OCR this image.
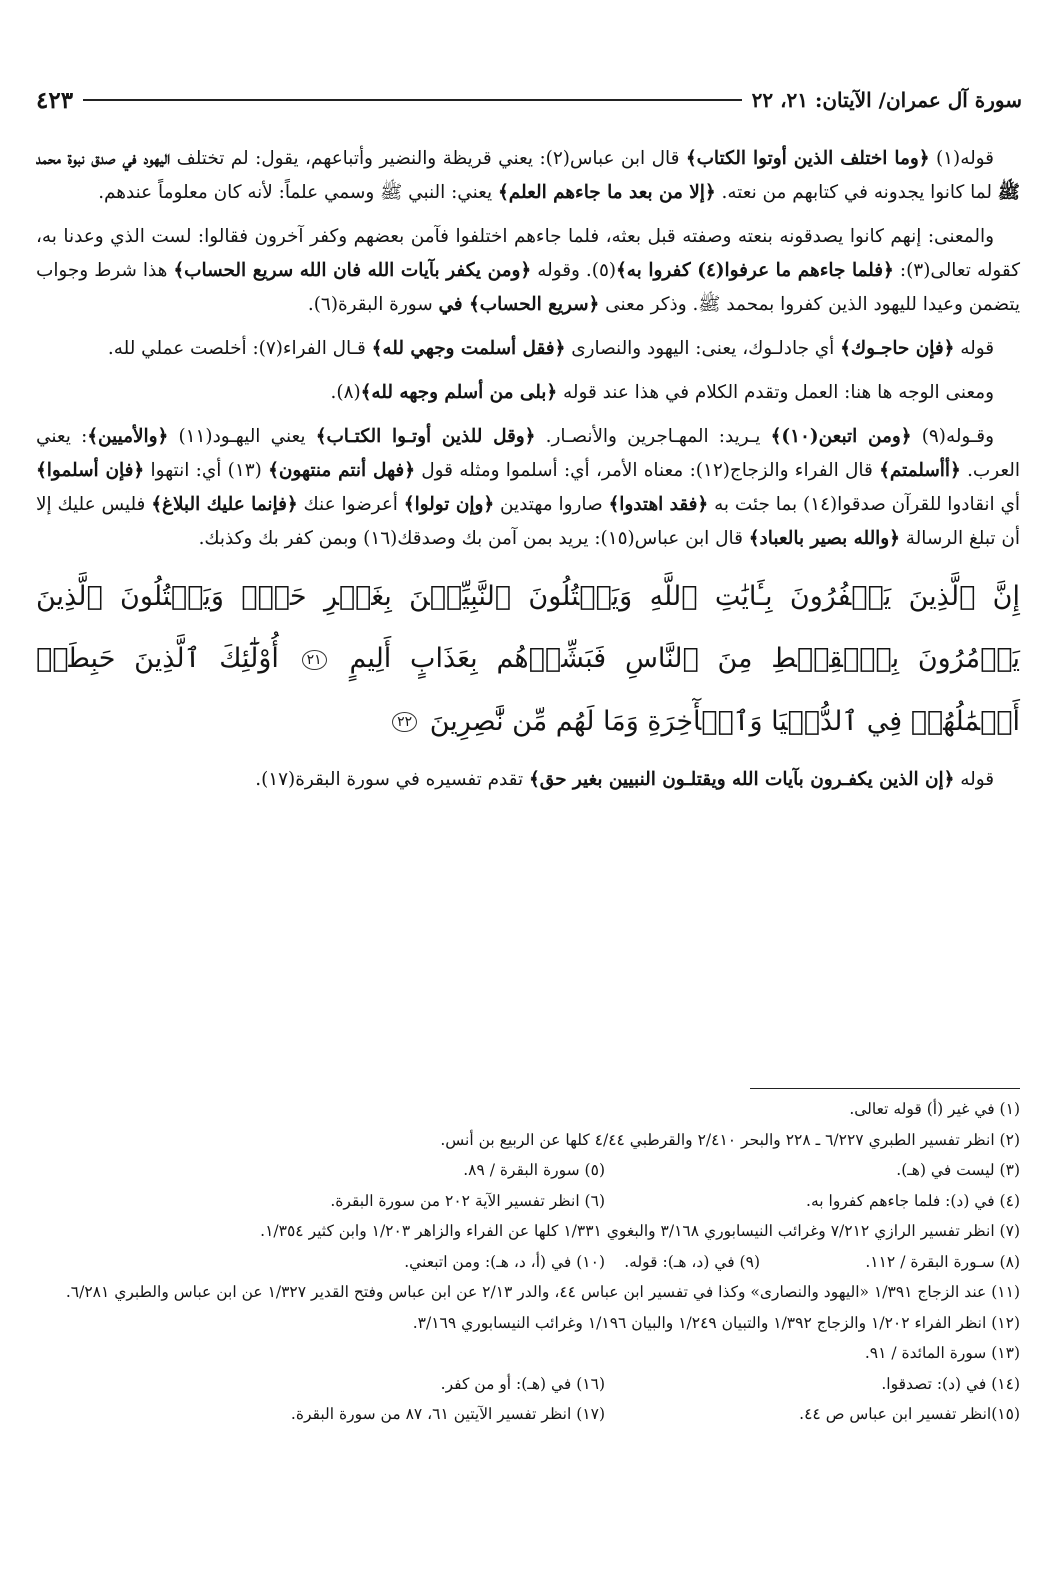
سورة آل عمران/ الآيتان: ٢١، ٢٢
٤٢٣

قوله(١) ﴿وما اختلف الذين أوتوا الكتاب﴾ قال ابن عباس(٢): يعني قريظة والنضير وأتباعهم، يقول: لم تختلف اليهود في صدق نبوة محمد ﷺ لما كانوا يجدونه في كتابهم من نعته. ﴿إلا من بعد ما جاءهم العلم﴾ يعني: النبي ﷺ وسمي علماً: لأنه كان معلوماً عندهم.

والمعنى: إنهم كانوا يصدقونه بنعته وصفته قبل بعثه، فلما جاءهم اختلفوا فآمن بعضهم وكفر آخرون فقالوا: لست الذي وعدنا به، كقوله تعالى(٣): ﴿فلما جاءهم ما عرفوا(٤) كفروا به﴾(٥). وقوله ﴿ومن يكفر بآيات الله فان الله سريع الحساب﴾ هذا شرط وجواب يتضمن وعيدا لليهود الذين كفروا بمحمد ﷺ. وذكر معنى ﴿سريع الحساب﴾ في سورة البقرة(٦).

قوله ﴿فإن حاجـوك﴾ أي جادلـوك، يعنى: اليهود والنصارى ﴿فقل أسلمت وجهي لله﴾ قـال الفراء(٧): أخلصت عملي لله.

ومعنى الوجه ها هنا: العمل وتقدم الكلام في هذا عند قوله ﴿بلى من أسلم وجهه لله﴾(٨).

وقـوله(٩) ﴿ومن اتبعن(١٠)﴾ يـريد: المهـاجرين والأنصـار. ﴿وقل للذين أوتـوا الكتـاب﴾ يعني اليهـود(١١) ﴿والأميين﴾: يعني العرب. ﴿أأسلمتم﴾ قال الفراء والزجاج(١٢): معناه الأمر، أي: أسلموا ومثله قول ﴿فهل أنتم منتهون﴾ (١٣) أي: انتهوا ﴿فإن أسلموا﴾ أي انقادوا للقرآن صدقوا(١٤) بما جئت به ﴿فقد اهتدوا﴾ صاروا مهتدين ﴿وإن تولوا﴾ أعرضوا عنك ﴿فإنما عليك البلاغ﴾ فليس عليك إلا أن تبلغ الرسالة ﴿والله بصير بالعباد﴾ قال ابن عباس(١٥): يريد بمن آمن بك وصدقك(١٦) وبمن كفر بك وكذبك.

إِنَّ ٱلَّذِينَ يَكۡفُرُونَ بِـَٔايَٰتِ ٱللَّهِ وَيَقۡتُلُونَ ٱلنَّبِيِّـۧنَ بِغَيۡرِ حَقّٖ وَيَقۡتُلُونَ ٱلَّذِينَ يَأۡمُرُونَ بِٱلۡقِسۡطِ مِنَ ٱلنَّاسِ فَبَشِّرۡهُم بِعَذَابٍ أَلِيمٍ ٢١ أُوْلَٰٓئِكَ ٱلَّذِينَ حَبِطَتۡ أَعۡمَٰلُهُمۡ فِي ٱلدُّنۡيَا وَٱلۡأٓخِرَةِ وَمَا لَهُم مِّن نَّٰصِرِينَ ٢٢

قوله ﴿إن الذين يكفـرون بآيات الله ويقتلـون النبيين بغير حق﴾ تقدم تفسيره في سورة البقرة(١٧).

(١) في غير (أ) قوله تعالى.

(٢) انظر تفسير الطبري ٦/٢٢٧ ـ ٢٢٨ والبحر ٢/٤١٠ والقرطبي ٤/٤٤ كلها عن الربيع بن أنس.

(٣) ليست في (هـ).
(٥) سورة البقرة / ٨٩.
(٤) في (د): فلما جاءهم كفروا به.
(٦) انظر تفسير الآية ٢٠٢ من سورة البقرة.

(٧) انظر تفسير الرازي ٧/٢١٢ وغرائب النيسابوري ٣/١٦٨ والبغوي ١/٣٣١ كلها عن الفراء والزاهر ١/٢٠٣ وابن كثير ١/٣٥٤.

(٨) سـورة البقرة / ١١٢.
(٩) في (د، هـ): قوله.
(١٠) في (أ، د، هـ): ومن اتبعني.

(١١) عند الزجاج ١/٣٩١ «اليهود والنصارى» وكذا في تفسير ابن عباس ٤٤، والدر ٢/١٣ عن ابن عباس وفتح القدير ١/٣٢٧ عن ابن عباس والطبري ٦/٢٨١.

(١٢) انظر الفراء ١/٢٠٢ والزجاج ١/٣٩٢ والتبيان ١/٢٤٩ والبيان ١/١٩٦ وغرائب النيسابوري ٣/١٦٩.

(١٣) سورة المائدة / ٩١.

(١٤) في (د): تصدقوا.
(١٦) في (هـ): أو من كفر.
(١٥)انظر تفسير ابن عباس ص ٤٤.
(١٧) انظر تفسير الآيتين ٦١، ٨٧ من سورة البقرة.
